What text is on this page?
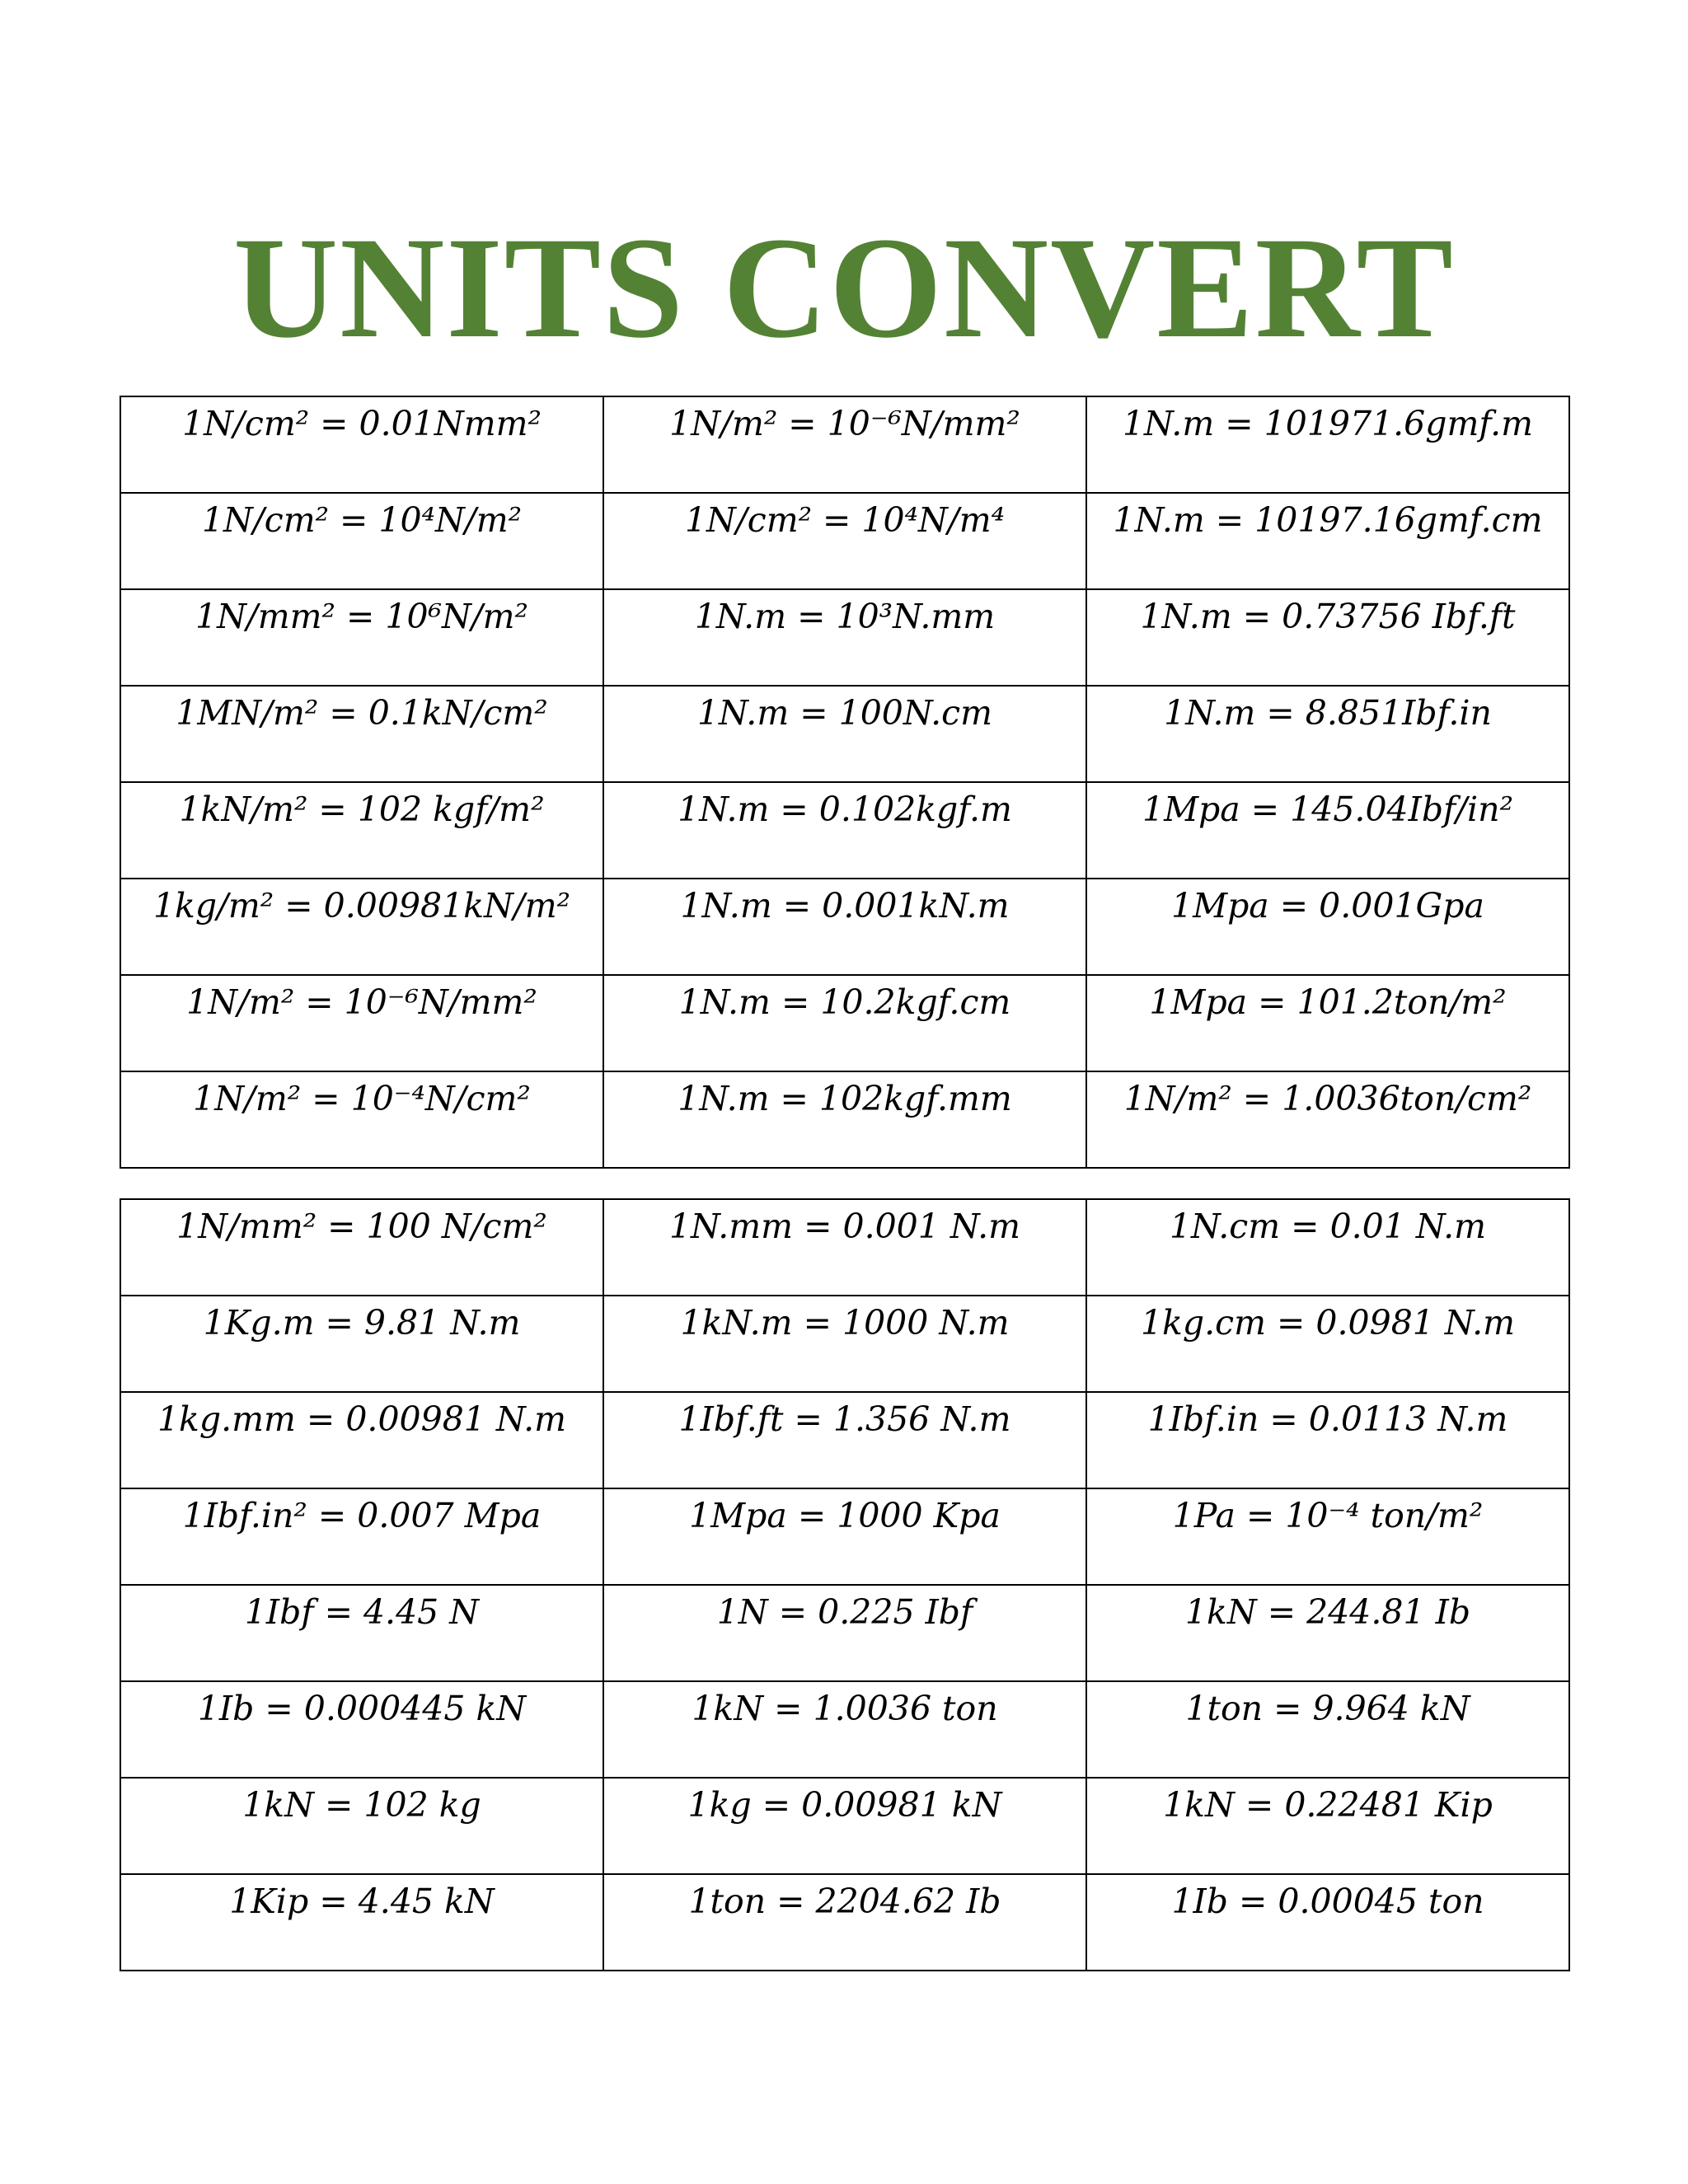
UNITS CONVERT
1N/cm² = 0.01Nmm²	1N/m² = 10⁻⁶N/mm²	1N.m = 101971.6gmf.m
1N/cm² = 10⁴N/m²	1N/cm² = 10⁴N/m⁴	1N.m = 10197.16gmf.cm
1N/mm² = 10⁶N/m²	1N.m = 10³N.mm	1N.m = 0.73756 Ibf.ft
1MN/m² = 0.1kN/cm²	1N.m = 100N.cm	1N.m = 8.851Ibf.in
1kN/m² = 102 kgf/m²	1N.m = 0.102kgf.m	1Mpa = 145.04Ibf/in²
1kg/m² = 0.00981kN/m²	1N.m = 0.001kN.m	1Mpa = 0.001Gpa
1N/m² = 10⁻⁶N/mm²	1N.m = 10.2kgf.cm	1Mpa = 101.2ton/m²
1N/m² = 10⁻⁴N/cm²	1N.m = 102kgf.mm	1N/m² = 1.0036ton/cm²
1N/mm² = 100 N/cm²	1N.mm = 0.001 N.m	1N.cm = 0.01 N.m
1Kg.m = 9.81 N.m	1kN.m = 1000 N.m	1kg.cm = 0.0981 N.m
1kg.mm = 0.00981 N.m	1Ibf.ft = 1.356 N.m	1Ibf.in = 0.0113 N.m
1Ibf.in² = 0.007 Mpa	1Mpa = 1000 Kpa	1Pa = 10⁻⁴ ton/m²
1Ibf = 4.45 N	1N = 0.225 Ibf	1kN = 244.81 Ib
1Ib = 0.000445 kN	1kN = 1.0036 ton	1ton = 9.964 kN
1kN = 102 kg	1kg = 0.00981 kN	1kN = 0.22481 Kip
1Kip = 4.45 kN	1ton = 2204.62 Ib	1Ib = 0.00045 ton
